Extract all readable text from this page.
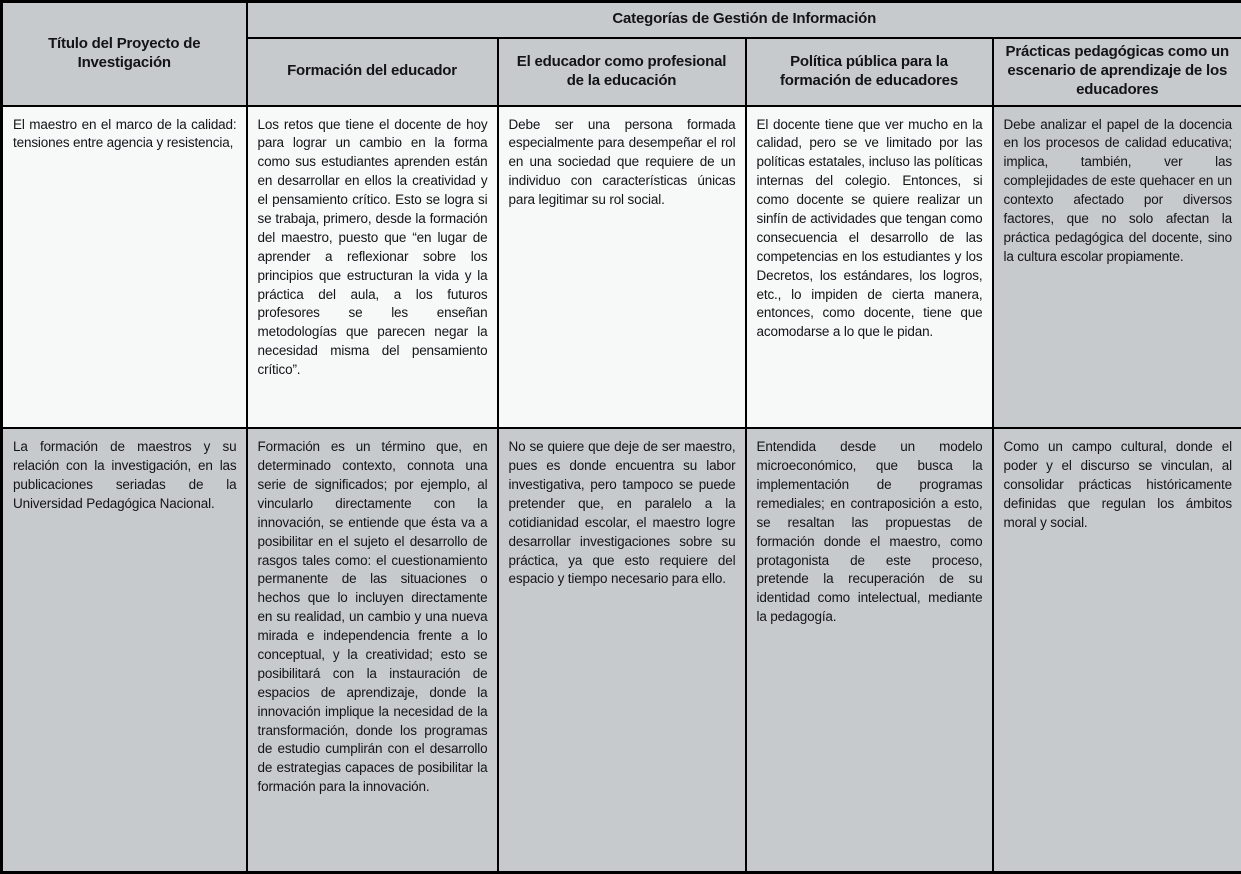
Título del Proyecto de Investigación	Categorías de Gestión de Información			
	Formación del educador	El educador como profesional de la educación	Política pública para la formación de educadores	Prácticas pedagógicas como un escenario de aprendizaje de los educadores
El maestro en el marco de la calidad: tensiones entre agencia y resistencia,	Los retos que tiene el docente de hoy para lograr un cambio en la forma como sus estudiantes aprenden están en desarrollar en ellos la creatividad y el pensamiento crítico. Esto se logra si se trabaja, primero, desde la formación del maestro, puesto que “en lugar de aprender a reflexionar sobre los principios que estructuran la vida y la práctica del aula, a los futuros profesores se les enseñan metodologías que parecen negar la necesidad misma del pensamiento crítico”.	Debe ser una persona formada especialmente para desempeñar el rol en una sociedad que requiere de un individuo con características únicas para legitimar su rol social.	El docente tiene que ver mucho en la calidad, pero se ve limitado por las políticas estatales, incluso las políticas internas del colegio. Entonces, si como docente se quiere realizar un sinfín de actividades que tengan como consecuencia el desarrollo de las competencias en los estudiantes y los Decretos, los estándares, los logros, etc., lo impiden de cierta manera, entonces, como docente, tiene que acomodarse a lo que le pidan.	Debe analizar el papel de la docencia en los procesos de calidad educativa; implica, también, ver las complejidades de este quehacer en un contexto afectado por diversos factores, que no solo afectan la práctica pedagógica del docente, sino la cultura escolar propiamente.
La formación de maestros y su relación con la investigación, en las publicaciones seriadas de la Universidad Pedagógica Nacional.	Formación es un término que, en determinado contexto, connota una serie de significados; por ejemplo, al vincularlo directamente con la innovación, se entiende que ésta va a posibilitar en el sujeto el desarrollo de rasgos tales como: el cuestionamiento permanente de las situaciones o hechos que lo incluyen directamente en su realidad, un cambio y una nueva mirada e independencia frente a lo conceptual, y la creatividad; esto se posibilitará con la instauración de espacios de aprendizaje, donde la innovación implique la necesidad de la transformación, donde los programas de estudio cumplirán con el desarrollo de estrategias capaces de posibilitar la formación para la innovación.	No se quiere que deje de ser maestro, pues es donde encuentra su labor investigativa, pero tampoco se puede pretender que, en paralelo a la cotidianidad escolar, el maestro logre desarrollar investigaciones sobre su práctica, ya que esto requiere del espacio y tiempo necesario para ello.	Entendida desde un modelo microeconómico, que busca la implementación de programas remediales; en contraposición a esto, se resaltan las propuestas de formación donde el maestro, como protagonista de este proceso, pretende la recuperación de su identidad como intelectual, mediante la pedagogía.	Como un campo cultural, donde el poder y el discurso se vinculan, al consolidar prácticas históricamente definidas que regulan los ámbitos moral y social.
